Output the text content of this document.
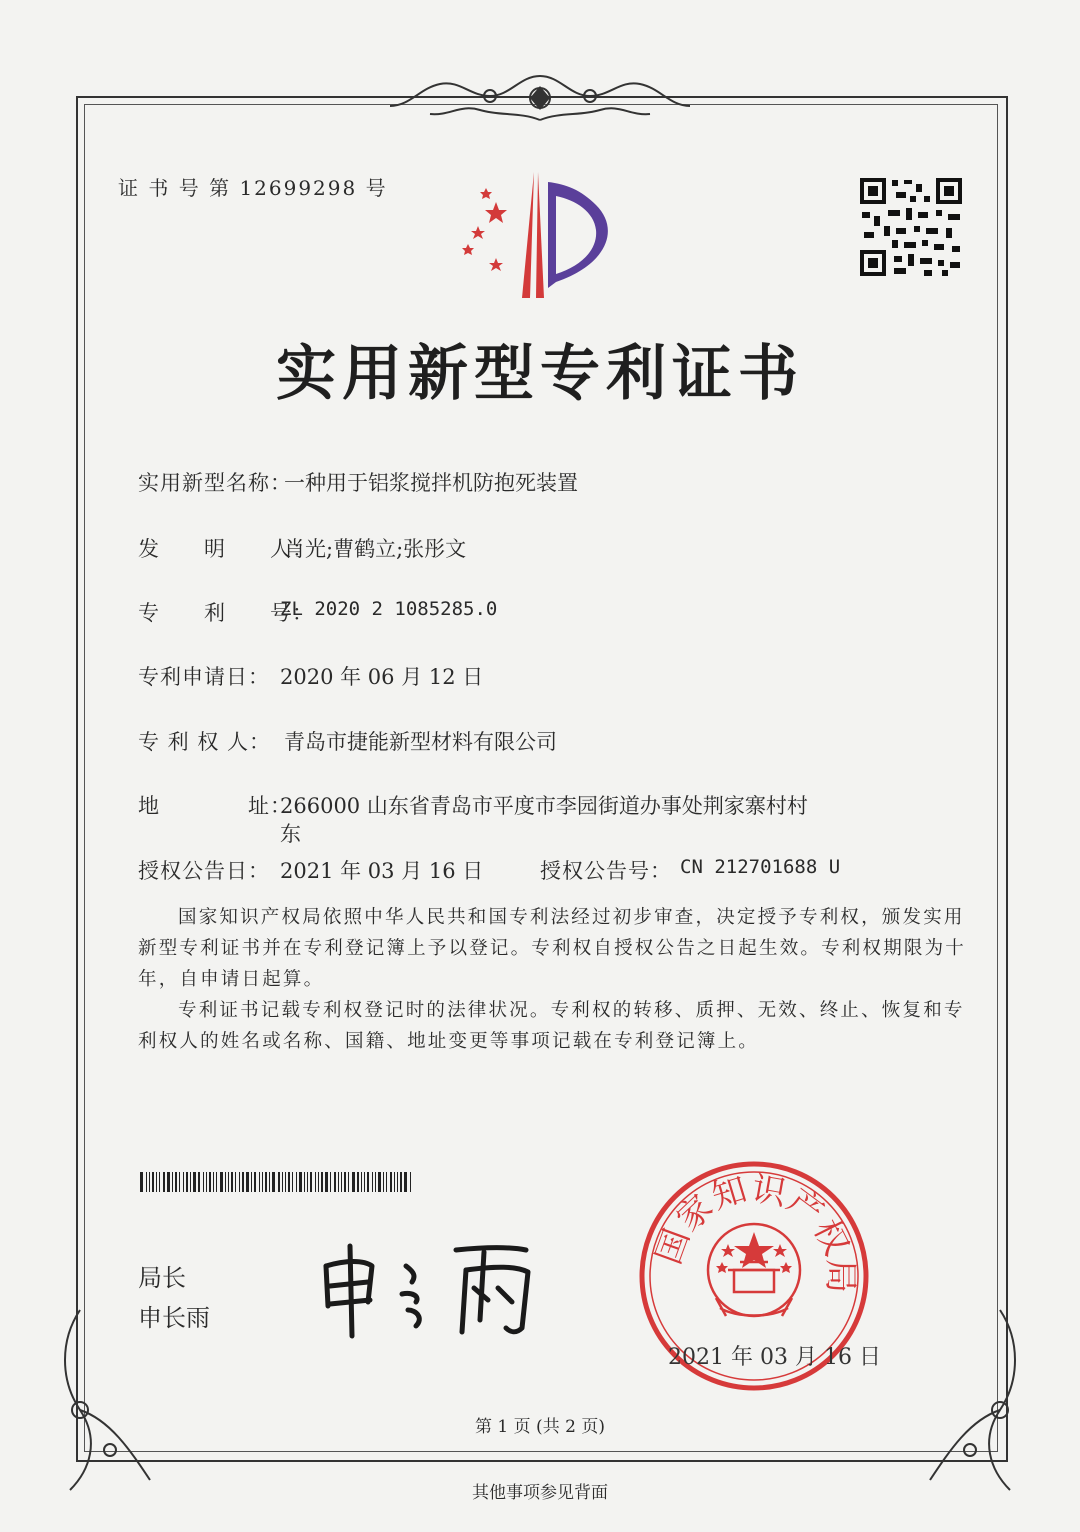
证 书 号 第 12699298 号
实用新型专利证书
实用新型名称：
一种用于铝浆搅拌机防抱死装置
发　　明　　人：
肖光;曹鹤立;张彤文
专　　利　　号：
ZL 2020 2 1085285.0
专利申请日： 2020 年 06 月 12 日
专 利 权 人： 青岛市捷能新型材料有限公司
地　　　　址：
266000 山东省青岛市平度市李园街道办事处荆家寨村村
东
授权公告日： 2021 年 03 月 16 日	授权公告号： CN 212701688 U
国家知识产权局依照中华人民共和国专利法经过初步审查，决定授予专利权，颁发实用
新型专利证书并在专利登记簿上予以登记。专利权自授权公告之日起生效。专利权期限为十
年，自申请日起算。
专利证书记载专利权登记时的法律状况。专利权的转移、质押、无效、终止、恢复和专
利权人的姓名或名称、国籍、地址变更等事项记载在专利登记簿上。
局长
申长雨
国
家
知
识
产
权
局
2021 年 03 月 16 日
第 1 页 (共 2 页)
其他事项参见背面
